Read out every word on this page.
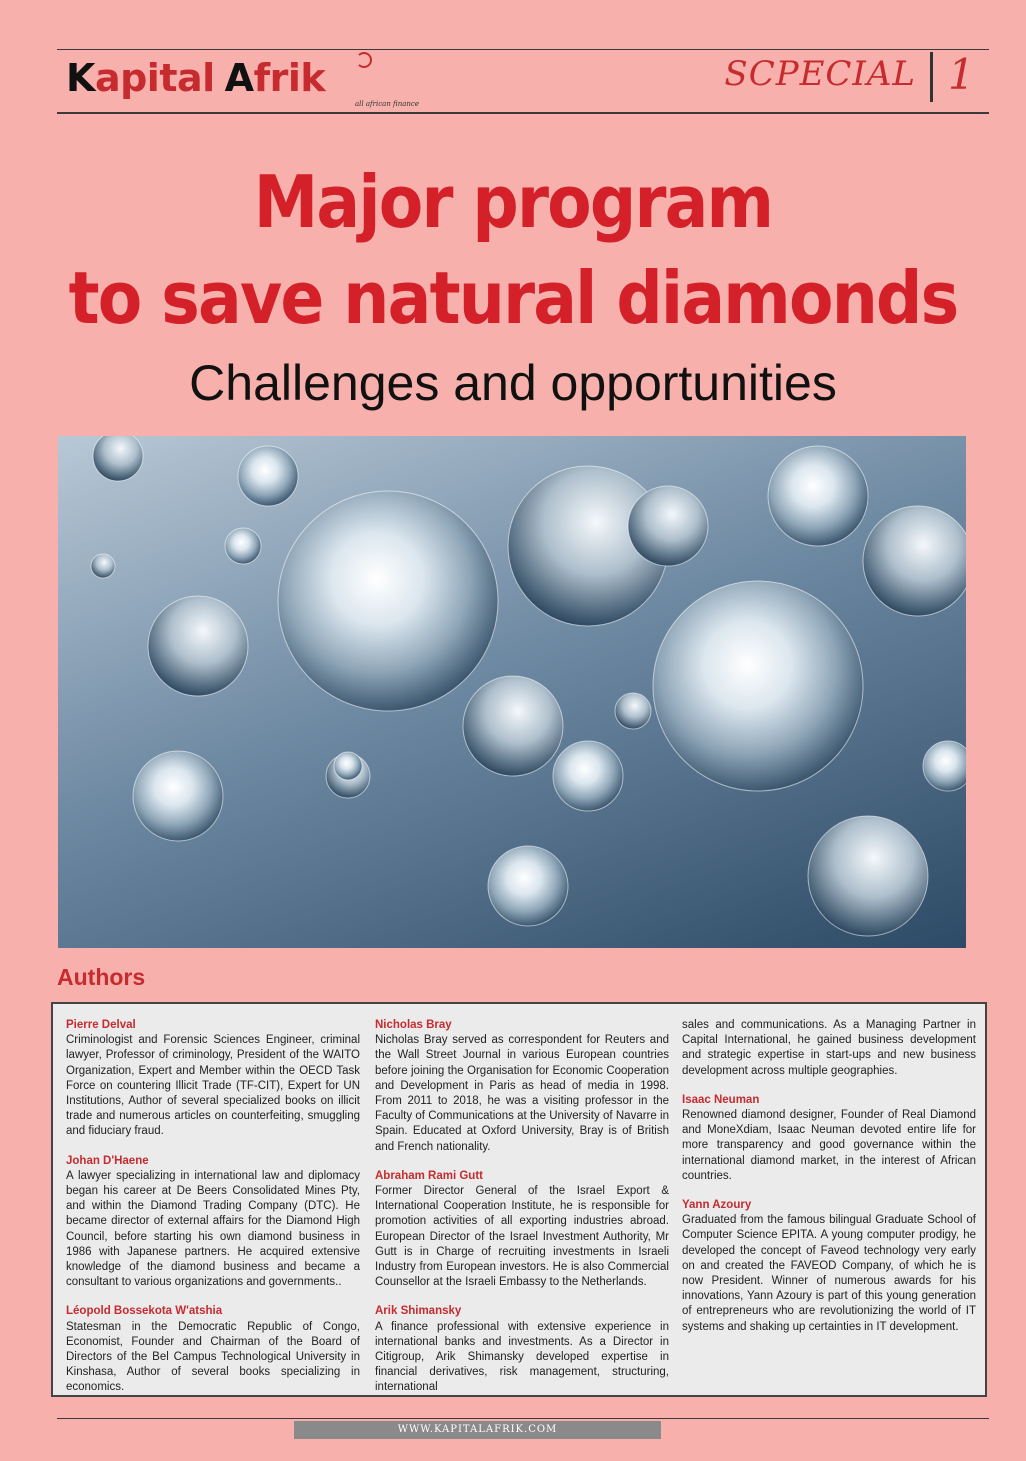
Kapital Afrik
all african finance
SCPECIAL 1
Major program
to save natural diamonds
Challenges and opportunities
Authors
Pierre Delval
Criminologist and Forensic Sciences Engineer, criminal lawyer, Professor of criminology, President of the WAITO Organization, Expert and Member within the OECD Task Force on countering Illicit Trade (TF-CIT), Expert for UN Institutions, Author of several specialized books on illicit trade and numerous articles on counterfeiting, smuggling and fiduciary fraud.
Johan D'Haene
A lawyer specializing in international law and diplomacy began his career at De Beers Consolidated Mines Pty, and within the Diamond Trading Company (DTC). He became director of external affairs for the Diamond High Council, before starting his own diamond business in 1986 with Japanese partners. He acquired extensive knowledge of the diamond business and became a consultant to various organizations and governments..
Léopold Bossekota W'atshia
Statesman in the Democratic Republic of Congo, Economist, Founder and Chairman of the Board of Directors of the Bel Campus Technological University in Kinshasa, Author of several books specializing in economics.
Nicholas Bray
Nicholas Bray served as correspondent for Reuters and the Wall Street Journal in various European countries before joining the Organisation for Economic Cooperation and Development in Paris as head of media in 1998. From 2011 to 2018, he was a visiting professor in the Faculty of Communications at the University of Navarre in Spain. Educated at Oxford University, Bray is of British and French nationality.
Abraham Rami Gutt
Former Director General of the Israel Export & International Cooperation Institute, he is responsible for promotion activities of all exporting industries abroad. European Director of the Israel Investment Authority, Mr Gutt is in Charge of recruiting investments in Israeli Industry from European investors. He is also Commercial Counsellor at the Israeli Embassy to the Netherlands.
Arik Shimansky
A finance professional with extensive experience in international banks and investments. As a Director in Citigroup, Arik Shimansky developed expertise in financial derivatives, risk management, structuring, international
sales and communications. As a Managing Partner in Capital International, he gained business development and strategic expertise in start-ups and new business development across multiple geographies.
Isaac Neuman
Renowned diamond designer, Founder of Real Diamond and MoneXdiam, Isaac Neuman devoted entire life for more transparency and good governance within the international diamond market, in the interest of African countries.
Yann Azoury
Graduated from the famous bilingual Graduate School of Computer Science EPITA. A young computer prodigy, he developed the concept of Faveod technology very early on and created the FAVEOD Company, of which he is now President. Winner of numerous awards for his innovations, Yann Azoury is part of this young generation of entrepreneurs who are revolutionizing the world of IT systems and shaking up certainties in IT development.
WWW.KAPITALAFRIK.COM
